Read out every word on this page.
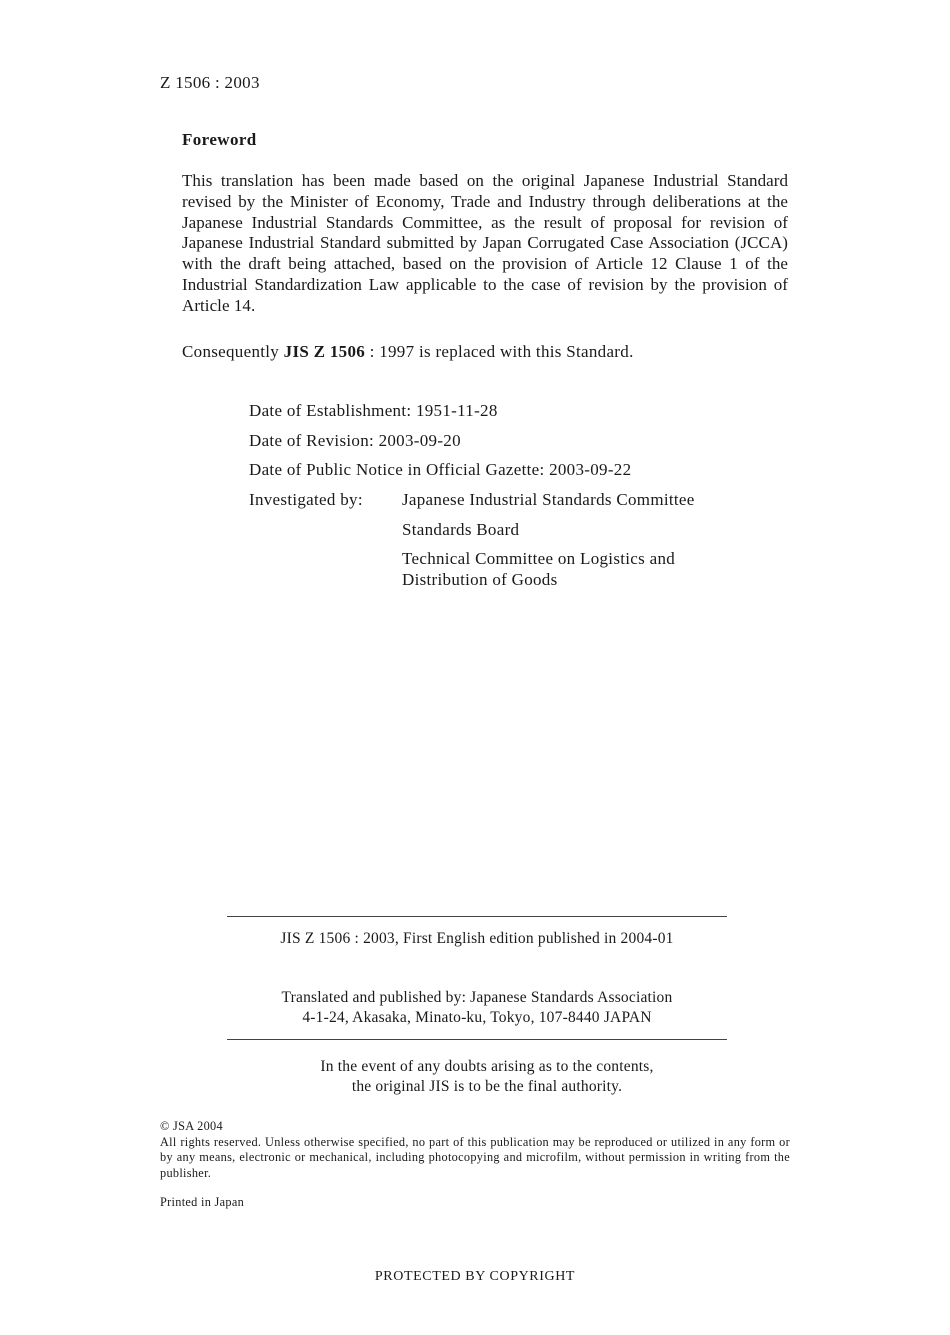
Z 1506 : 2003
Foreword
This translation has been made based on the original Japanese Industrial Standard revised by the Minister of Economy, Trade and Industry through deliberations at the Japanese Industrial Standards Committee, as the result of proposal for revision of Japanese Industrial Standard submitted by Japan Corrugated Case Association (JCCA) with the draft being attached, based on the provision of Article 12 Clause 1 of the Industrial Standardization Law applicable to the case of revision by the provision of Article 14.
Consequently JIS Z 1506 : 1997 is replaced with this Standard.
Date of Establishment: 1951-11-28
Date of Revision: 2003-09-20
Date of Public Notice in Official Gazette: 2003-09-22
Investigated by: Japanese Industrial Standards Committee
Standards Board
Technical Committee on Logistics and
Distribution of Goods
JIS Z 1506 : 2003, First English edition published in 2004-01
Translated and published by: Japanese Standards Association
4-1-24, Akasaka, Minato-ku, Tokyo, 107-8440 JAPAN
In the event of any doubts arising as to the contents,
the original JIS is to be the final authority.
© JSA 2004
All rights reserved. Unless otherwise specified, no part of this publication may be reproduced or utilized in any form or by any means, electronic or mechanical, including photocopying and microfilm, without permission in writing from the publisher.
Printed in Japan
PROTECTED BY COPYRIGHT
